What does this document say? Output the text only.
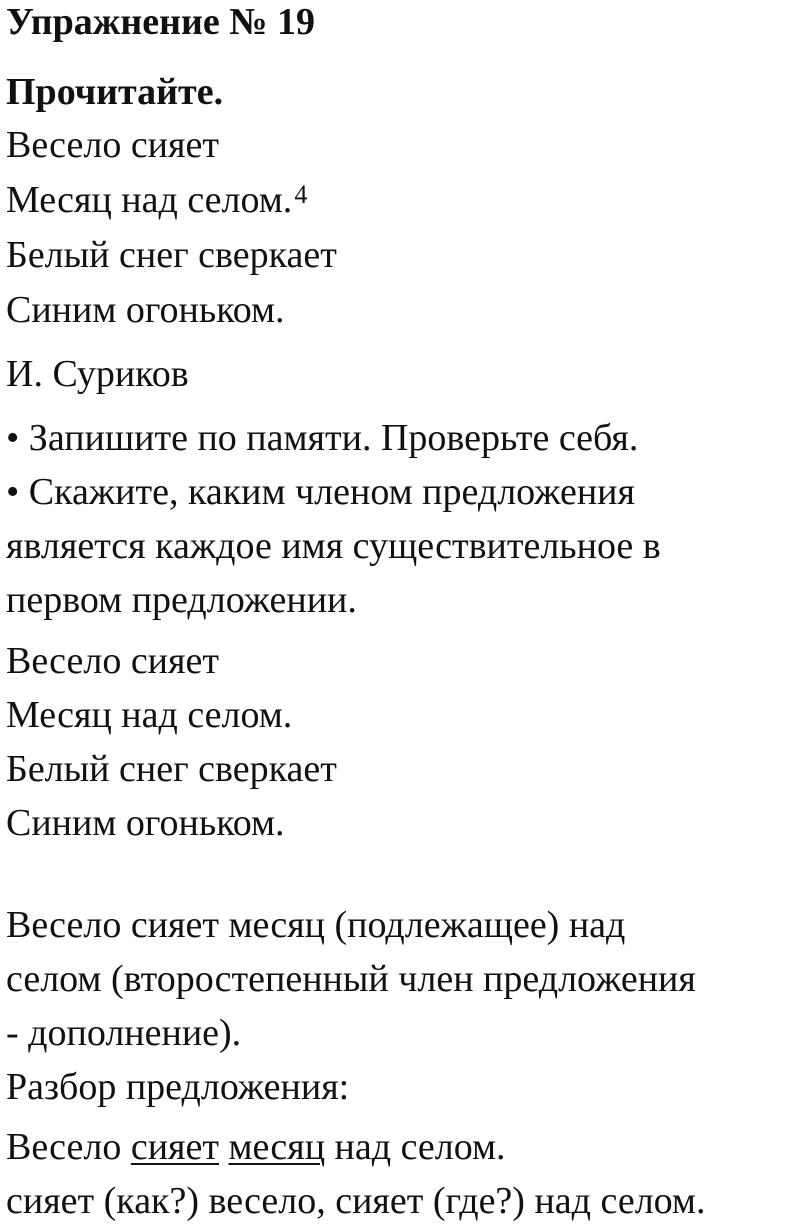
Упражнение № 19

Прочитайте.

Весело сияет

Месяц над селом.$^4$

Белый снег сверкает

Синим огоньком.

И. Суриков

• Запишите по памяти. Проверьте себя.

• Скажите, каким членом предложения

является каждое имя существительное в

первом предложении.

Весело сияет

Месяц над селом.

Белый снег сверкает

Синим огоньком.

Весело сияет месяц (подлежащее) над

селом (второстепенный член предложения

- дополнение).

Разбор предложения:

Весело сияет месяц над селом.

сияет (как?) весело, сияет (где?) над селом.
